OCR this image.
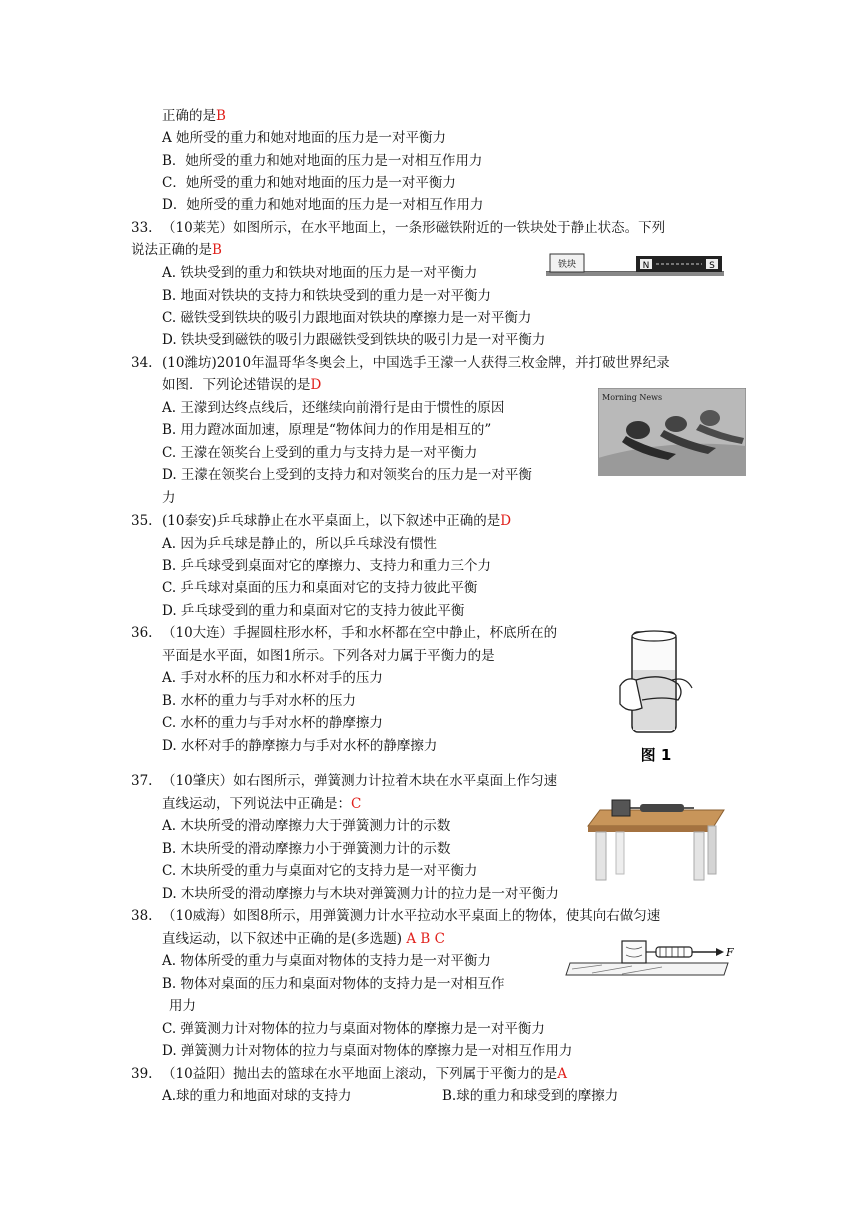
正确的是B
A 她所受的重力和她对地面的压力是一对平衡力
B．她所受的重力和她对地面的压力是一对相互作用力
C．她所受的重力和她对地面的压力是一对平衡力
D．她所受的重力和她对地面的压力是一对相互作用力
33. （10莱芜）如图所示，在水平地面上，一条形磁铁附近的一铁块处于静止状态。下列
说法正确的是B
A. 铁块受到的重力和铁块对地面的压力是一对平衡力
B. 地面对铁块的支持力和铁块受到的重力是一对平衡力
C. 磁铁受到铁块的吸引力跟地面对铁块的摩擦力是一对平衡力
D. 铁块受到磁铁的吸引力跟磁铁受到铁块的吸引力是一对平衡力
铁块	N	S
34. (10潍坊)2010年温哥华冬奥会上，中国选手王濛一人获得三枚金牌，并打破世界纪录
如图．下列论述错误的是D
A. 王濛到达终点线后，还继续向前滑行是由于惯性的原因
B. 用力蹬冰面加速，原理是“物体间力的作用是相互的”
C. 王濛在领奖台上受到的重力与支持力是一对平衡力
D. 王濛在领奖台上受到的支持力和对领奖台的压力是一对平衡
力
Morning News
35. (10泰安)乒乓球静止在水平桌面上，以下叙述中正确的是D
A. 因为乒乓球是静止的，所以乒乓球没有惯性
B. 乒乓球受到桌面对它的摩擦力、支持力和重力三个力
C. 乒乓球对桌面的压力和桌面对它的支持力彼此平衡
D. 乒乓球受到的重力和桌面对它的支持力彼此平衡
36. （10大连）手握圆柱形水杯，手和水杯都在空中静止，杯底所在的
平面是水平面，如图1所示。下列各对力属于平衡力的是
A. 手对水杯的压力和水杯对手的压力
B. 水杯的重力与手对水杯的压力
C. 水杯的重力与手对水杯的静摩擦力
D. 水杯对手的静摩擦力与手对水杯的静摩擦力	图 1
37. （10肇庆）如右图所示，弹簧测力计拉着木块在水平桌面上作匀速
直线运动，下列说法中正确是：C
A. 木块所受的滑动摩擦力大于弹簧测力计的示数
B. 木块所受的滑动摩擦力小于弹簧测力计的示数
C. 木块所受的重力与桌面对它的支持力是一对平衡力
D. 木块所受的滑动摩擦力与木块对弹簧测力计的拉力是一对平衡力
38. （10威海）如图8所示，用弹簧测力计水平拉动水平桌面上的物体，使其向右做匀速
直线运动，以下叙述中正确的是(多选题) A B C
A. 物体所受的重力与桌面对物体的支持力是一对平衡力
B. 物体对桌面的压力和桌面对物体的支持力是一对相互作
用力
C. 弹簧测力计对物体的拉力与桌面对物体的摩擦力是一对平衡力
D. 弹簧测力计对物体的拉力与桌面对物体的摩擦力是一对相互作用力
F
39. （10益阳）抛出去的篮球在水平地面上滚动，下列属于平衡力的是A
A.球的重力和地面对球的支持力	B.球的重力和球受到的摩擦力
